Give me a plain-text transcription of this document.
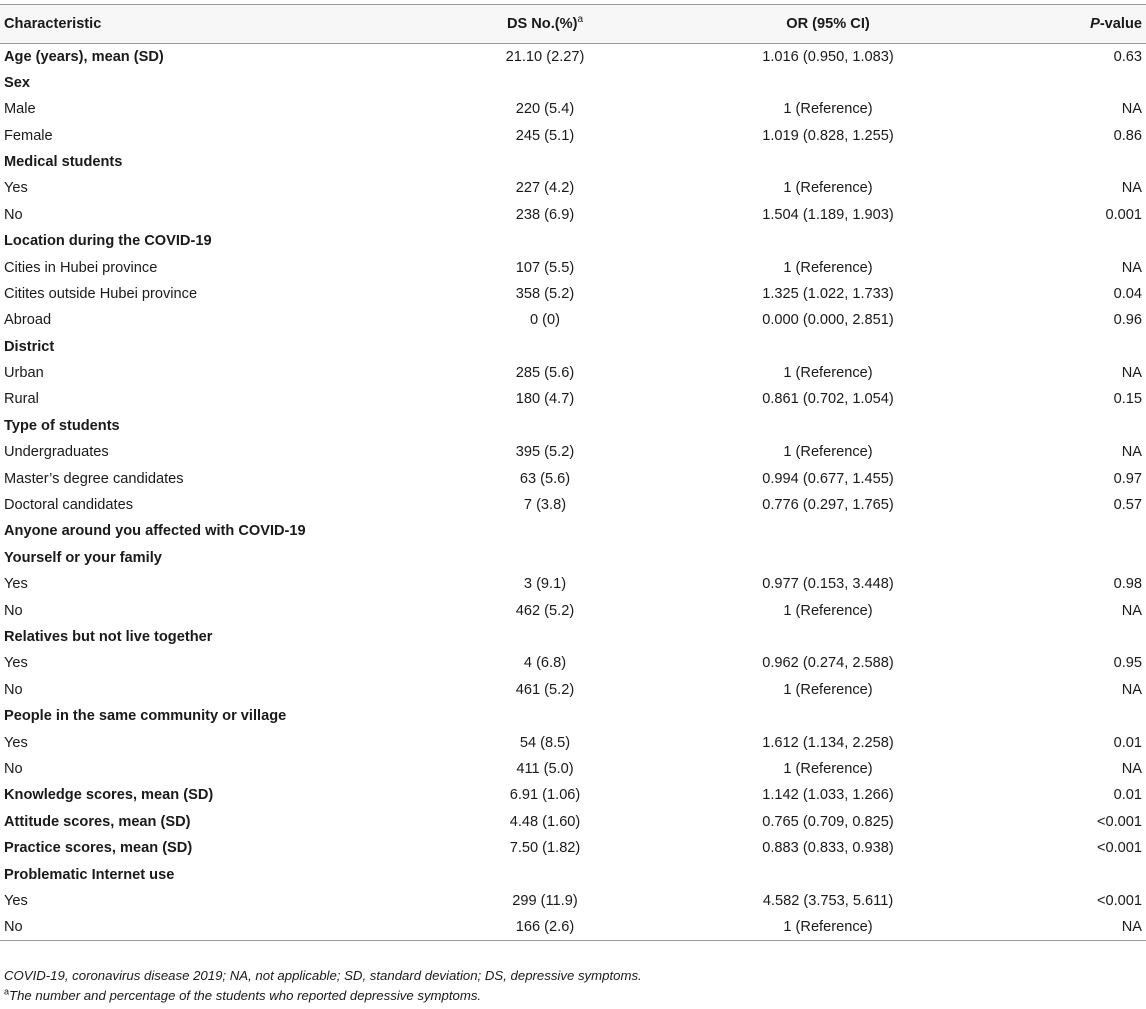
Characteristic	DS No.(%)$^a$	OR (95% CI)	P-value
Age (years), mean (SD)	21.10 (2.27)	1.016 (0.950, 1.083)	0.63
Sex			
Male	220 (5.4)	1 (Reference)	NA
Female	245 (5.1)	1.019 (0.828, 1.255)	0.86
Medical students			
Yes	227 (4.2)	1 (Reference)	NA
No	238 (6.9)	1.504 (1.189, 1.903)	0.001
Location during the COVID-19			
Cities in Hubei province	107 (5.5)	1 (Reference)	NA
Citites outside Hubei province	358 (5.2)	1.325 (1.022, 1.733)	0.04
Abroad	0 (0)	0.000 (0.000, 2.851)	0.96
District			
Urban	285 (5.6)	1 (Reference)	NA
Rural	180 (4.7)	0.861 (0.702, 1.054)	0.15
Type of students			
Undergraduates	395 (5.2)	1 (Reference)	NA
Master’s degree candidates	63 (5.6)	0.994 (0.677, 1.455)	0.97
Doctoral candidates	7 (3.8)	0.776 (0.297, 1.765)	0.57
Anyone around you affected with COVID-19			
Yourself or your family			
Yes	3 (9.1)	0.977 (0.153, 3.448)	0.98
No	462 (5.2)	1 (Reference)	NA
Relatives but not live together			
Yes	4 (6.8)	0.962 (0.274, 2.588)	0.95
No	461 (5.2)	1 (Reference)	NA
People in the same community or village			
Yes	54 (8.5)	1.612 (1.134, 2.258)	0.01
No	411 (5.0)	1 (Reference)	NA
Knowledge scores, mean (SD)	6.91 (1.06)	1.142 (1.033, 1.266)	0.01
Attitude scores, mean (SD)	4.48 (1.60)	0.765 (0.709, 0.825)	<0.001
Practice scores, mean (SD)	7.50 (1.82)	0.883 (0.833, 0.938)	<0.001
Problematic Internet use			
Yes	299 (11.9)	4.582 (3.753, 5.611)	<0.001
No	166 (2.6)	1 (Reference)	NA
COVID-19, coronavirus disease 2019; NA, not applicable; SD, standard deviation; DS, depressive symptoms.
$^a$The number and percentage of the students who reported depressive symptoms.
